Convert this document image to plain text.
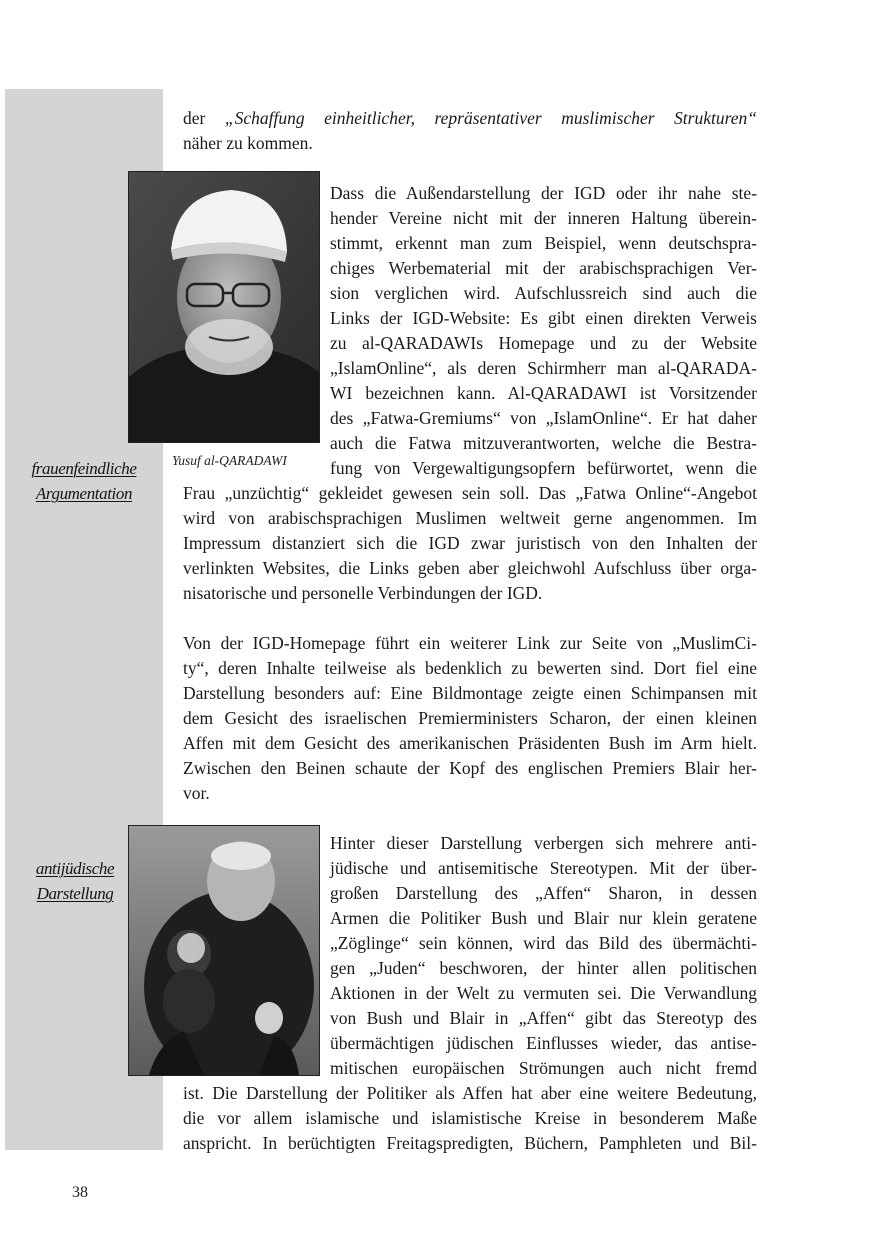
der „Schaffung einheitlicher, repräsentativer muslimischer Strukturen“
näher zu kommen.
Yusuf al-QARADAWI
frauenfeindliche
Argumentation
Dass die Außendarstellung der IGD oder ihr nahe ste-
hender Vereine nicht mit der inneren Haltung überein-
stimmt, erkennt man zum Beispiel, wenn deutschspra-
chiges Werbematerial mit der arabischsprachigen Ver-
sion verglichen wird. Aufschlussreich sind auch die
Links der IGD-Website: Es gibt einen direkten Verweis
zu al-QARADAWIs Homepage und zu der Website
„IslamOnline“, als deren Schirmherr man al-QARADA-
WI bezeichnen kann. Al-QARADAWI ist Vorsitzender
des „Fatwa-Gremiums“ von „IslamOnline“. Er hat daher
auch die Fatwa mitzuverantworten, welche die Bestra-
fung von Vergewaltigungsopfern befürwortet, wenn die
Frau „unzüchtig“ gekleidet gewesen sein soll. Das „Fatwa Online“-Angebot
wird von arabischsprachigen Muslimen weltweit gerne angenommen. Im
Impressum distanziert sich die IGD zwar juristisch von den Inhalten der
verlinkten Websites, die Links geben aber gleichwohl Aufschluss über orga-
nisatorische und personelle Verbindungen der IGD.
Von der IGD-Homepage führt ein weiterer Link zur Seite von „MuslimCi-
ty“, deren Inhalte teilweise als bedenklich zu bewerten sind. Dort fiel eine
Darstellung besonders auf: Eine Bildmontage zeigte einen Schimpansen mit
dem Gesicht des israelischen Premierministers Scharon, der einen kleinen
Affen mit dem Gesicht des amerikanischen Präsidenten Bush im Arm hielt.
Zwischen den Beinen schaute der Kopf des englischen Premiers Blair her-
vor.
antijüdische
Darstellung
Hinter dieser Darstellung verbergen sich mehrere anti-
jüdische und antisemitische Stereotypen. Mit der über-
großen Darstellung des „Affen“ Sharon, in dessen
Armen die Politiker Bush und Blair nur klein geratene
„Zöglinge“ sein können, wird das Bild des übermächti-
gen „Juden“ beschworen, der hinter allen politischen
Aktionen in der Welt zu vermuten sei. Die Verwandlung
von Bush und Blair in „Affen“ gibt das Stereotyp des
übermächtigen jüdischen Einflusses wieder, das antise-
mitischen europäischen Strömungen auch nicht fremd
ist. Die Darstellung der Politiker als Affen hat aber eine weitere Bedeutung,
die vor allem islamische und islamistische Kreise in besonderem Maße
anspricht. In berüchtigten Freitagspredigten, Büchern, Pamphleten und Bil-
38
